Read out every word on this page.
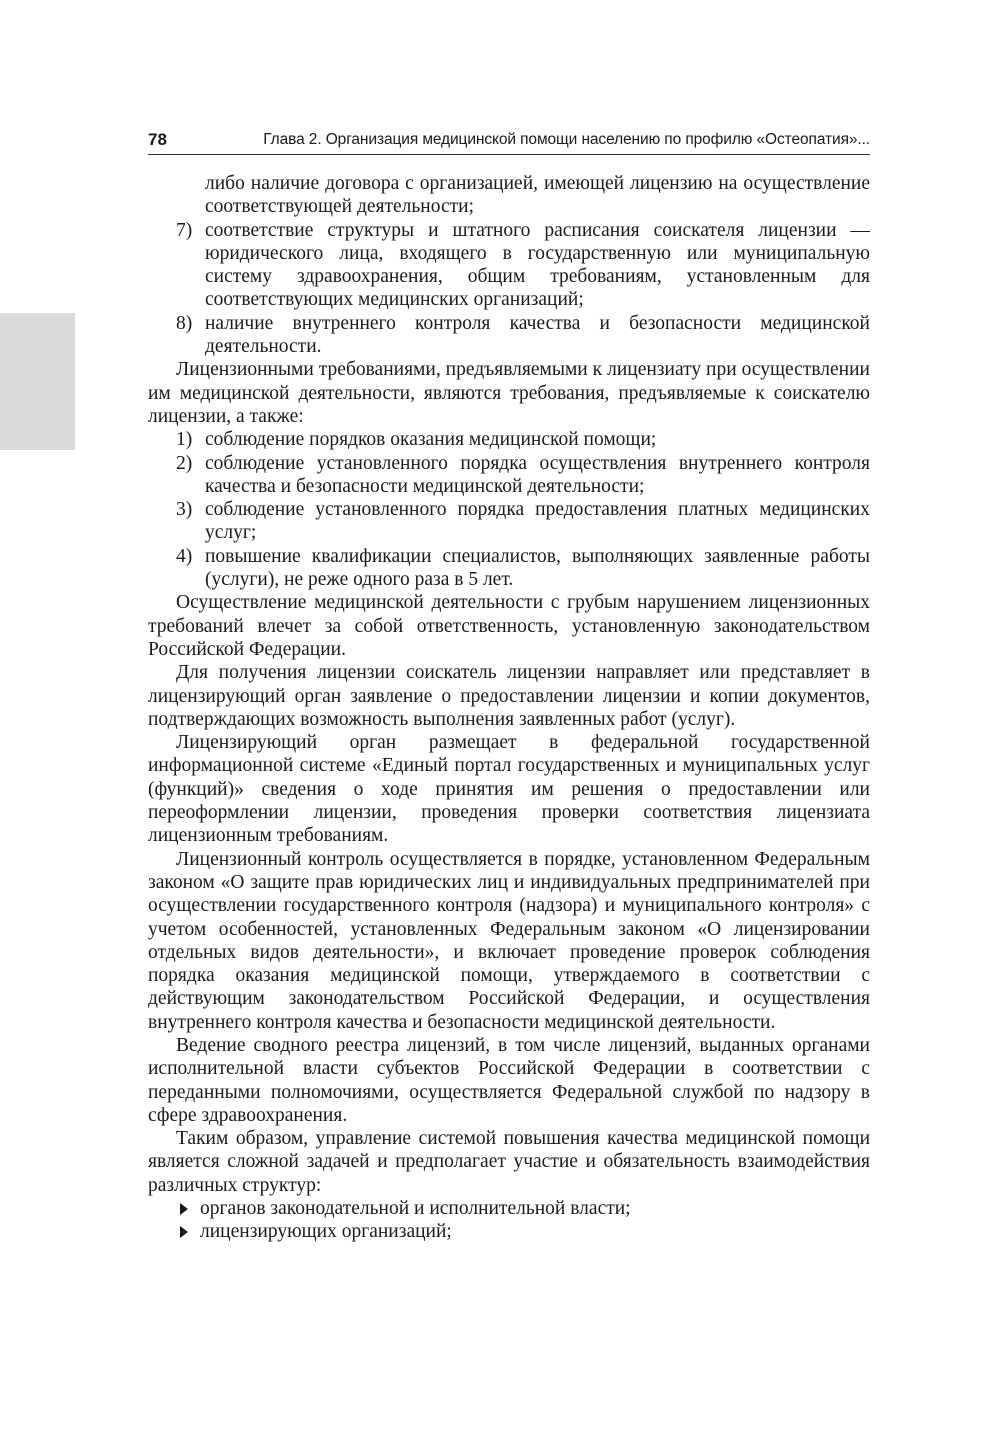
78	Глава 2. Организация медицинской помощи населению по профилю «Остеопатия»...

либо наличие договора с организацией, имеющей лицензию на осуществление соответствующей деятельности;

7) соответствие структуры и штатного расписания соискателя лицензии — юридического лица, входящего в государственную или муниципальную систему здравоохранения, общим требованиям, установленным для соответствующих медицинских организаций;
8) наличие внутреннего контроля качества и безопасности медицинской деятельности.

Лицензионными требованиями, предъявляемыми к лицензиату при осуществлении им медицинской деятельности, являются требования, предъявляемые к соискателю лицензии, а также:

1) соблюдение порядков оказания медицинской помощи;
2) соблюдение установленного порядка осуществления внутреннего контроля качества и безопасности медицинской деятельности;
3) соблюдение установленного порядка предоставления платных медицинских услуг;
4) повышение квалификации специалистов, выполняющих заявленные работы (услуги), не реже одного раза в 5 лет.

Осуществление медицинской деятельности с грубым нарушением лицензионных требований влечет за собой ответственность, установленную законодательством Российской Федерации.

Для получения лицензии соискатель лицензии направляет или представляет в лицензирующий орган заявление о предоставлении лицензии и копии документов, подтверждающих возможность выполнения заявленных работ (услуг).

Лицензирующий орган размещает в федеральной государственной информационной системе «Единый портал государственных и муниципальных услуг (функций)» сведения о ходе принятия им решения о предоставлении или переоформлении лицензии, проведения проверки соответствия лицензиата лицензионным требованиям.

Лицензионный контроль осуществляется в порядке, установленном Федеральным законом «О защите прав юридических лиц и индивидуальных предпринимателей при осуществлении государственного контроля (надзора) и муниципального контроля» с учетом особенностей, установленных Федеральным законом «О лицензировании отдельных видов деятельности», и включает проведение проверок соблюдения порядка оказания медицинской помощи, утверждаемого в соответствии с действующим законодательством Российской Федерации, и осуществления внутреннего контроля качества и безопасности медицинской деятельности.

Ведение сводного реестра лицензий, в том числе лицензий, выданных органами исполнительной власти субъектов Российской Федерации в соответствии с переданными полномочиями, осуществляется Федеральной службой по надзору в сфере здравоохранения.

Таким образом, управление системой повышения качества медицинской помощи является сложной задачей и предполагает участие и обязательность взаимодействия различных структур:

органов законодательной и исполнительной власти;
лицензирующих организаций;
